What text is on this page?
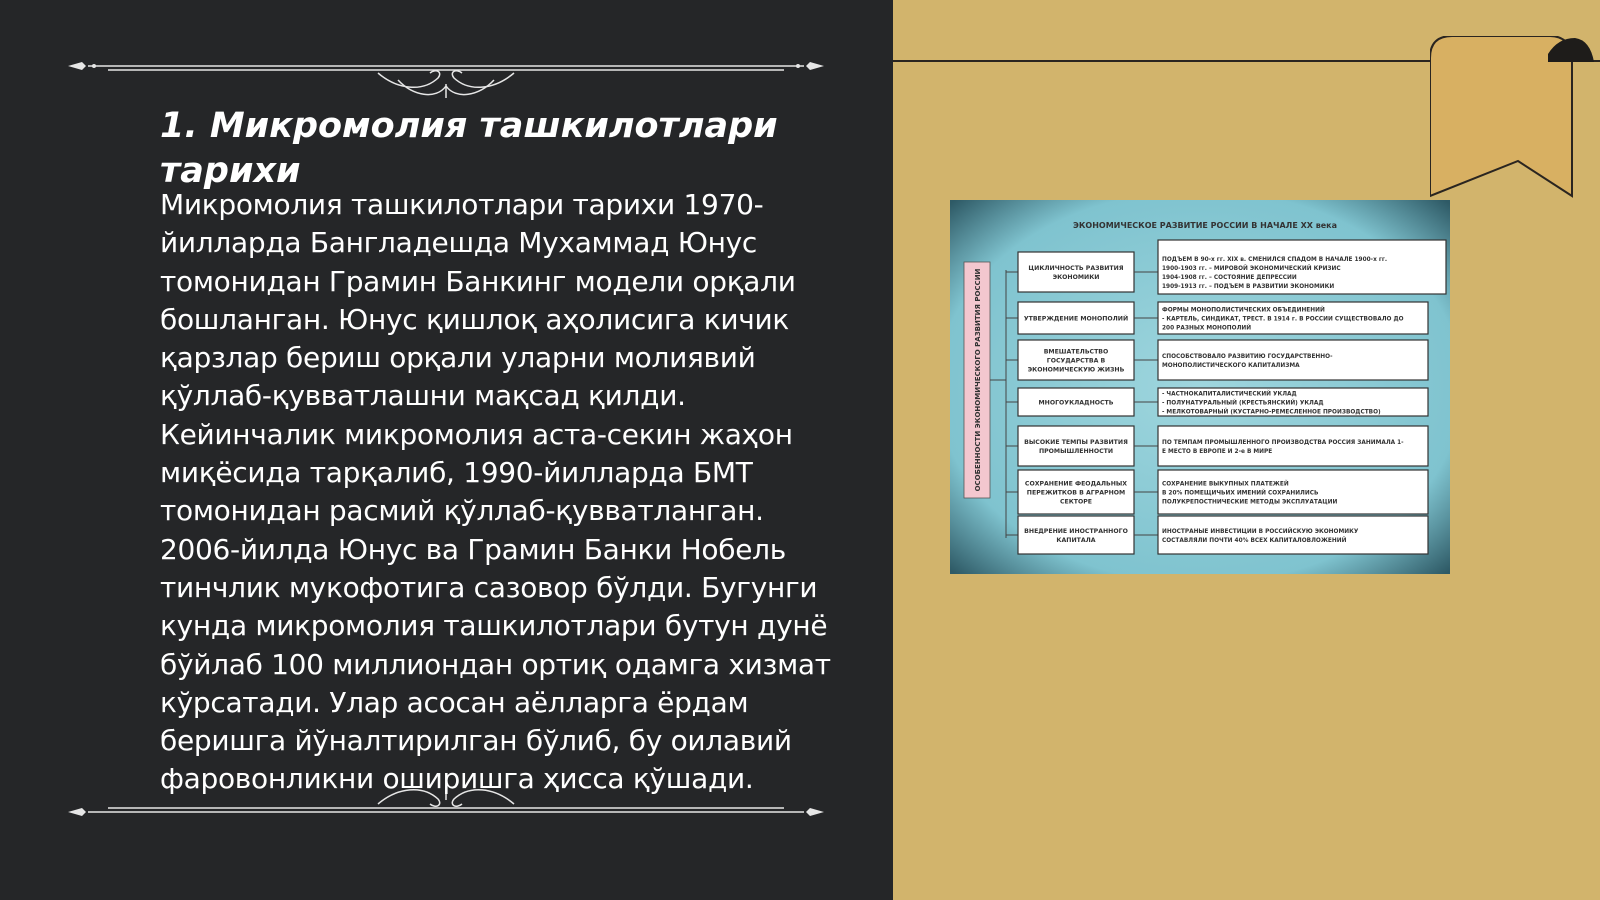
1. Микромолия ташкилотлари тарихи

Микромолия ташкилотлари тарихи 1970-йилларда Бангладешда Мухаммад Юнус томонидан Грамин Банкинг модели орқали бошланган. Юнус қишлоқ аҳолисига кичик қарзлар бериш орқали уларни молиявий қўллаб-қувватлашни мақсад қилди. Кейинчалик микромолия аста-секин жаҳон миқёсида тарқалиб, 1990-йилларда БМТ томонидан расмий қўллаб-қувватланган. 2006-йилда Юнус ва Грамин Банки Нобель тинчлик мукофотига сазовор бўлди. Бугунги кунда микромолия ташкилотлари бутун дунё бўйлаб 100 миллиондан ортиқ одамга хизмат кўрсатади. Улар асосан аёлларга ёрдам беришга йўналтирилган бўлиб, бу оилавий фаровонликни оширишга ҳисса қўшади.

ЭКОНОМИЧЕСКОЕ РАЗВИТИЕ РОССИИ В НАЧАЛЕ XX века
ОСОБЕННОСТИ ЭКОНОМИЧЕСКОГО РАЗВИТИЯ РОССИИ
ЦИКЛИЧНОСТЬ РАЗВИТИЯ
ЭКОНОМИКИ
ПОДЪЕМ В 90-х гг. XIX в. СМЕНИЛСЯ СПАДОМ В НАЧАЛЕ 1900-х гг.
1900-1903 гг. – МИРОВОЙ ЭКОНОМИЧЕСКИЙ КРИЗИС
1904-1908 гг. – СОСТОЯНИЕ ДЕПРЕССИИ
1909-1913 гг. – ПОДЪЕМ В РАЗВИТИИ ЭКОНОМИКИ
УТВЕРЖДЕНИЕ МОНОПОЛИЙ
ФОРМЫ МОНОПОЛИСТИЧЕСКИХ ОБЪЕДИНЕНИЙ
- КАРТЕЛЬ, СИНДИКАТ, ТРЕСТ. В 1914 г. В РОССИИ СУЩЕСТВОВАЛО ДО
200 РАЗНЫХ МОНОПОЛИЙ
ВМЕШАТЕЛЬСТВО
ГОСУДАРСТВА В
ЭКОНОМИЧЕСКУЮ ЖИЗНЬ
СПОСОБСТВОВАЛО РАЗВИТИЮ ГОСУДАРСТВЕННО-
МОНОПОЛИСТИЧЕСКОГО КАПИТАЛИЗМА
МНОГОУКЛАДНОСТЬ
- ЧАСТНОКАПИТАЛИСТИЧЕСКИЙ УКЛАД
- ПОЛУНАТУРАЛЬНЫЙ (КРЕСТЬЯНСКИЙ) УКЛАД
- МЕЛКОТОВАРНЫЙ (КУСТАРНО-РЕМЕСЛЕННОЕ ПРОИЗВОДСТВО)
ВЫСОКИЕ ТЕМПЫ РАЗВИТИЯ
ПРОМЫШЛЕННОСТИ
ПО ТЕМПАМ ПРОМЫШЛЕННОГО ПРОИЗВОДСТВА РОССИЯ ЗАНИМАЛА 1-
Е МЕСТО В ЕВРОПЕ И 2-е В МИРЕ
СОХРАНЕНИЕ ФЕОДАЛЬНЫХ
ПЕРЕЖИТКОВ В АГРАРНОМ
СЕКТОРЕ
СОХРАНЕНИЕ ВЫКУПНЫХ ПЛАТЕЖЕЙ
В 20% ПОМЕЩИЧЬИХ ИМЕНИЙ СОХРАНИЛИСЬ
ПОЛУКРЕПОСТНИЧЕСКИЕ МЕТОДЫ ЭКСПЛУАТАЦИИ
ВНЕДРЕНИЕ ИНОСТРАННОГО
КАПИТАЛА
ИНОСТРАНЫЕ ИНВЕСТИЦИИ В РОССИЙСКУЮ ЭКОНОМИКУ
СОСТАВЛЯЛИ ПОЧТИ 40% ВСЕХ КАПИТАЛОВЛОЖЕНИЙ
